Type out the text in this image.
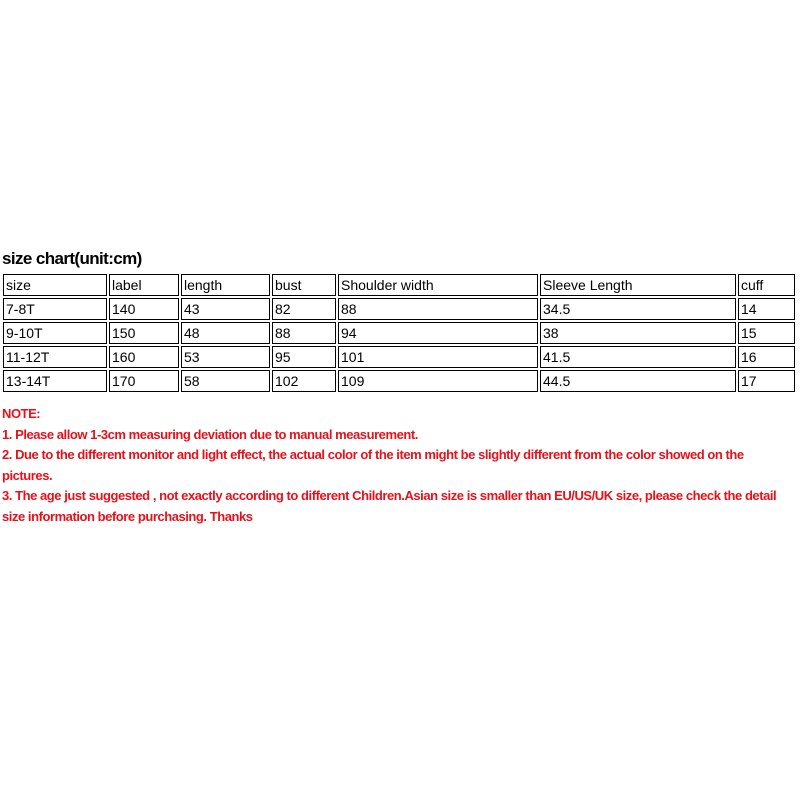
size chart(unit:cm)
size	label	length	bust	Shoulder width	Sleeve Length	cuff
7-8T	140	43	82	88	34.5	14
9-10T	150	48	88	94	38	15
11-12T	160	53	95	101	41.5	16
13-14T	170	58	102	109	44.5	17
NOTE:
1. Please allow 1-3cm measuring deviation due to manual measurement.
2. Due to the different monitor and light effect, the actual color of the item might be slightly different from the color showed on the pictures.
3. The age just suggested , not exactly according to different Children.Asian size is smaller than EU/US/UK size, please check the detail size information before purchasing. Thanks
